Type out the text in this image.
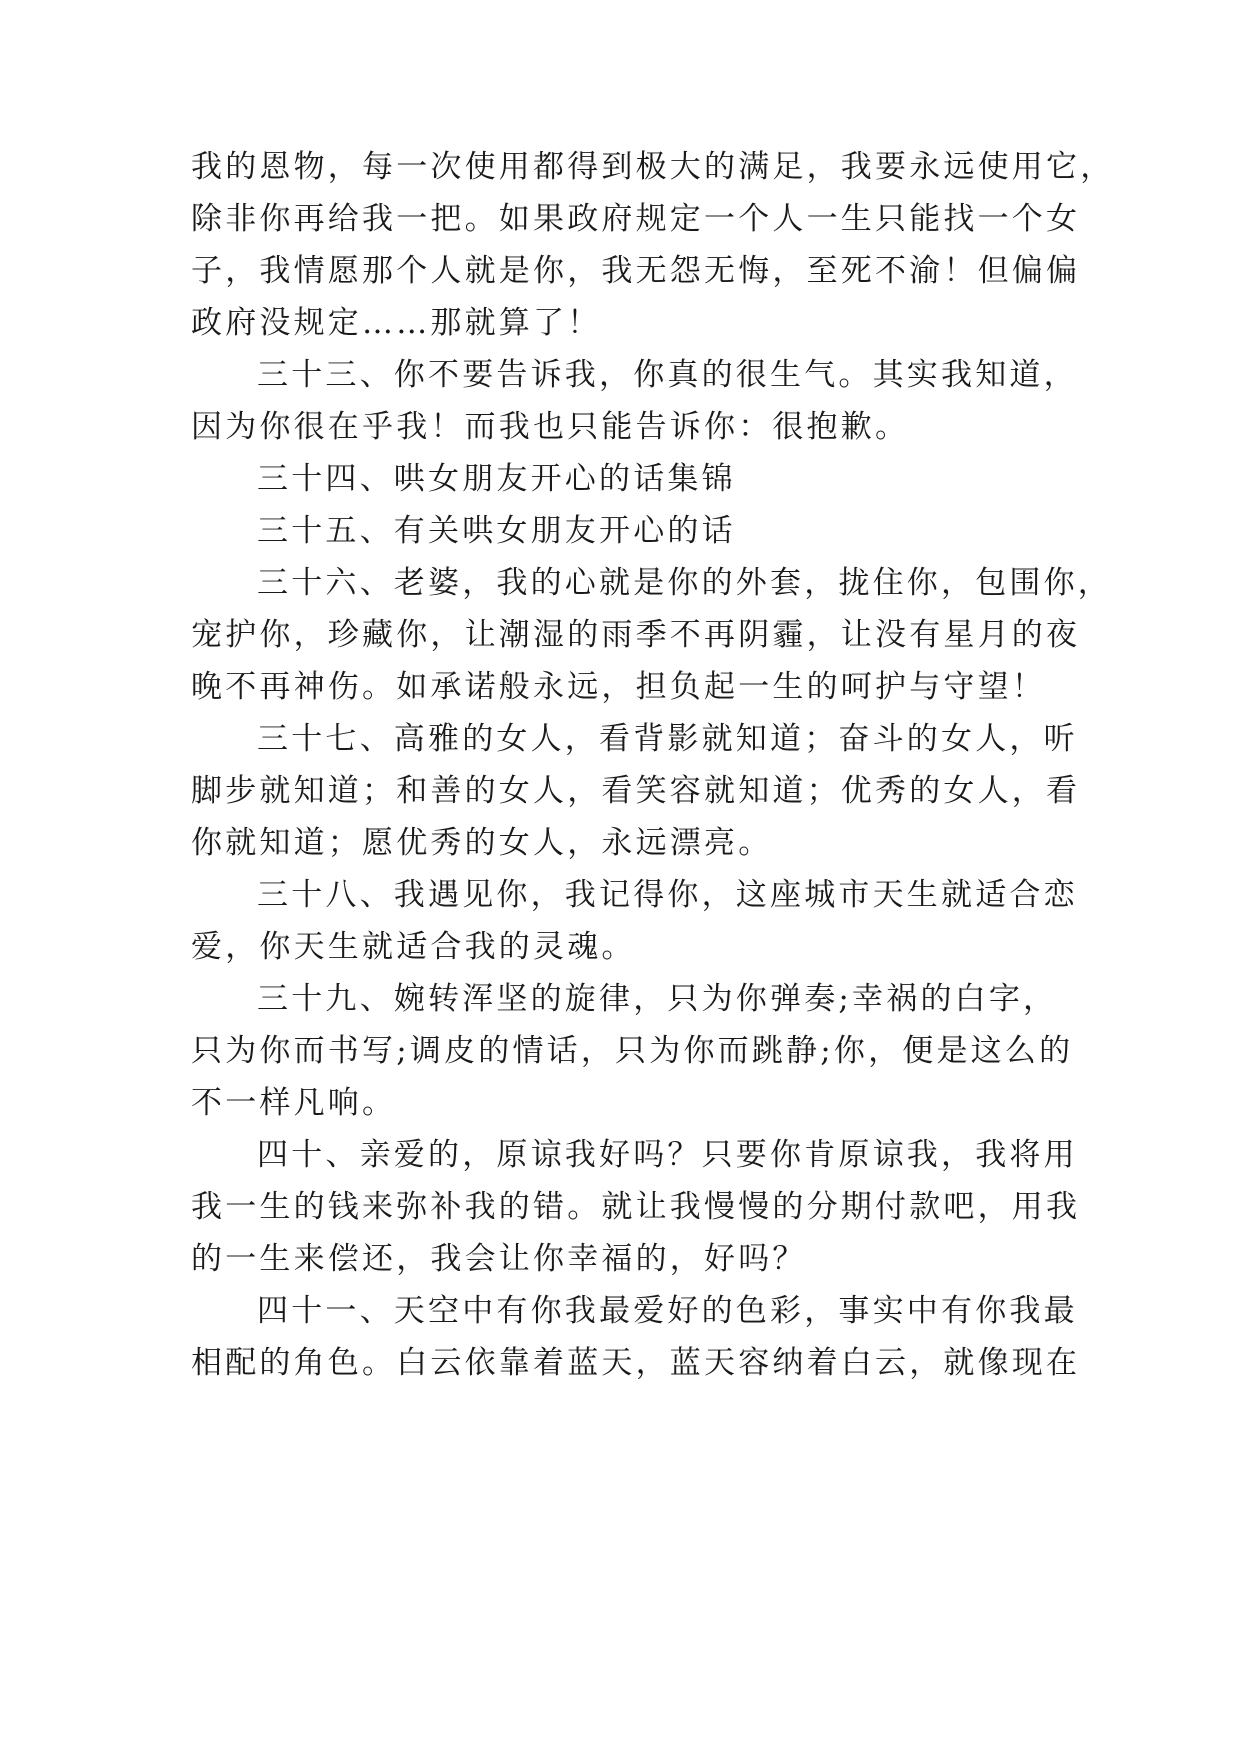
我的恩物，每一次使用都得到极大的满足，我要永远使用它，
除非你再给我一把。如果政府规定一个人一生只能找一个女
子，我情愿那个人就是你，我无怨无悔，至死不渝！但偏偏
政府没规定……那就算了！
三十三、你不要告诉我，你真的很生气。其实我知道，
因为你很在乎我！而我也只能告诉你：很抱歉。
三十四、哄女朋友开心的话集锦
三十五、有关哄女朋友开心的话
三十六、老婆，我的心就是你的外套，拢住你，包围你，
宠护你，珍藏你，让潮湿的雨季不再阴霾，让没有星月的夜
晚不再神伤。如承诺般永远，担负起一生的呵护与守望！
三十七、高雅的女人，看背影就知道；奋斗的女人，听
脚步就知道；和善的女人，看笑容就知道；优秀的女人，看
你就知道；愿优秀的女人，永远漂亮。
三十八、我遇见你，我记得你，这座城市天生就适合恋
爱，你天生就适合我的灵魂。
三十九、婉转浑坚的旋律，只为你弹奏;幸祸的白字，
只为你而书写;调皮的情话，只为你而跳静;你，便是这么的
不一样凡响。
四十、亲爱的，原谅我好吗？只要你肯原谅我，我将用
我一生的钱来弥补我的错。就让我慢慢的分期付款吧，用我
的一生来偿还，我会让你幸福的，好吗？
四十一、天空中有你我最爱好的色彩，事实中有你我最
相配的角色。白云依靠着蓝天，蓝天容纳着白云，就像现在
